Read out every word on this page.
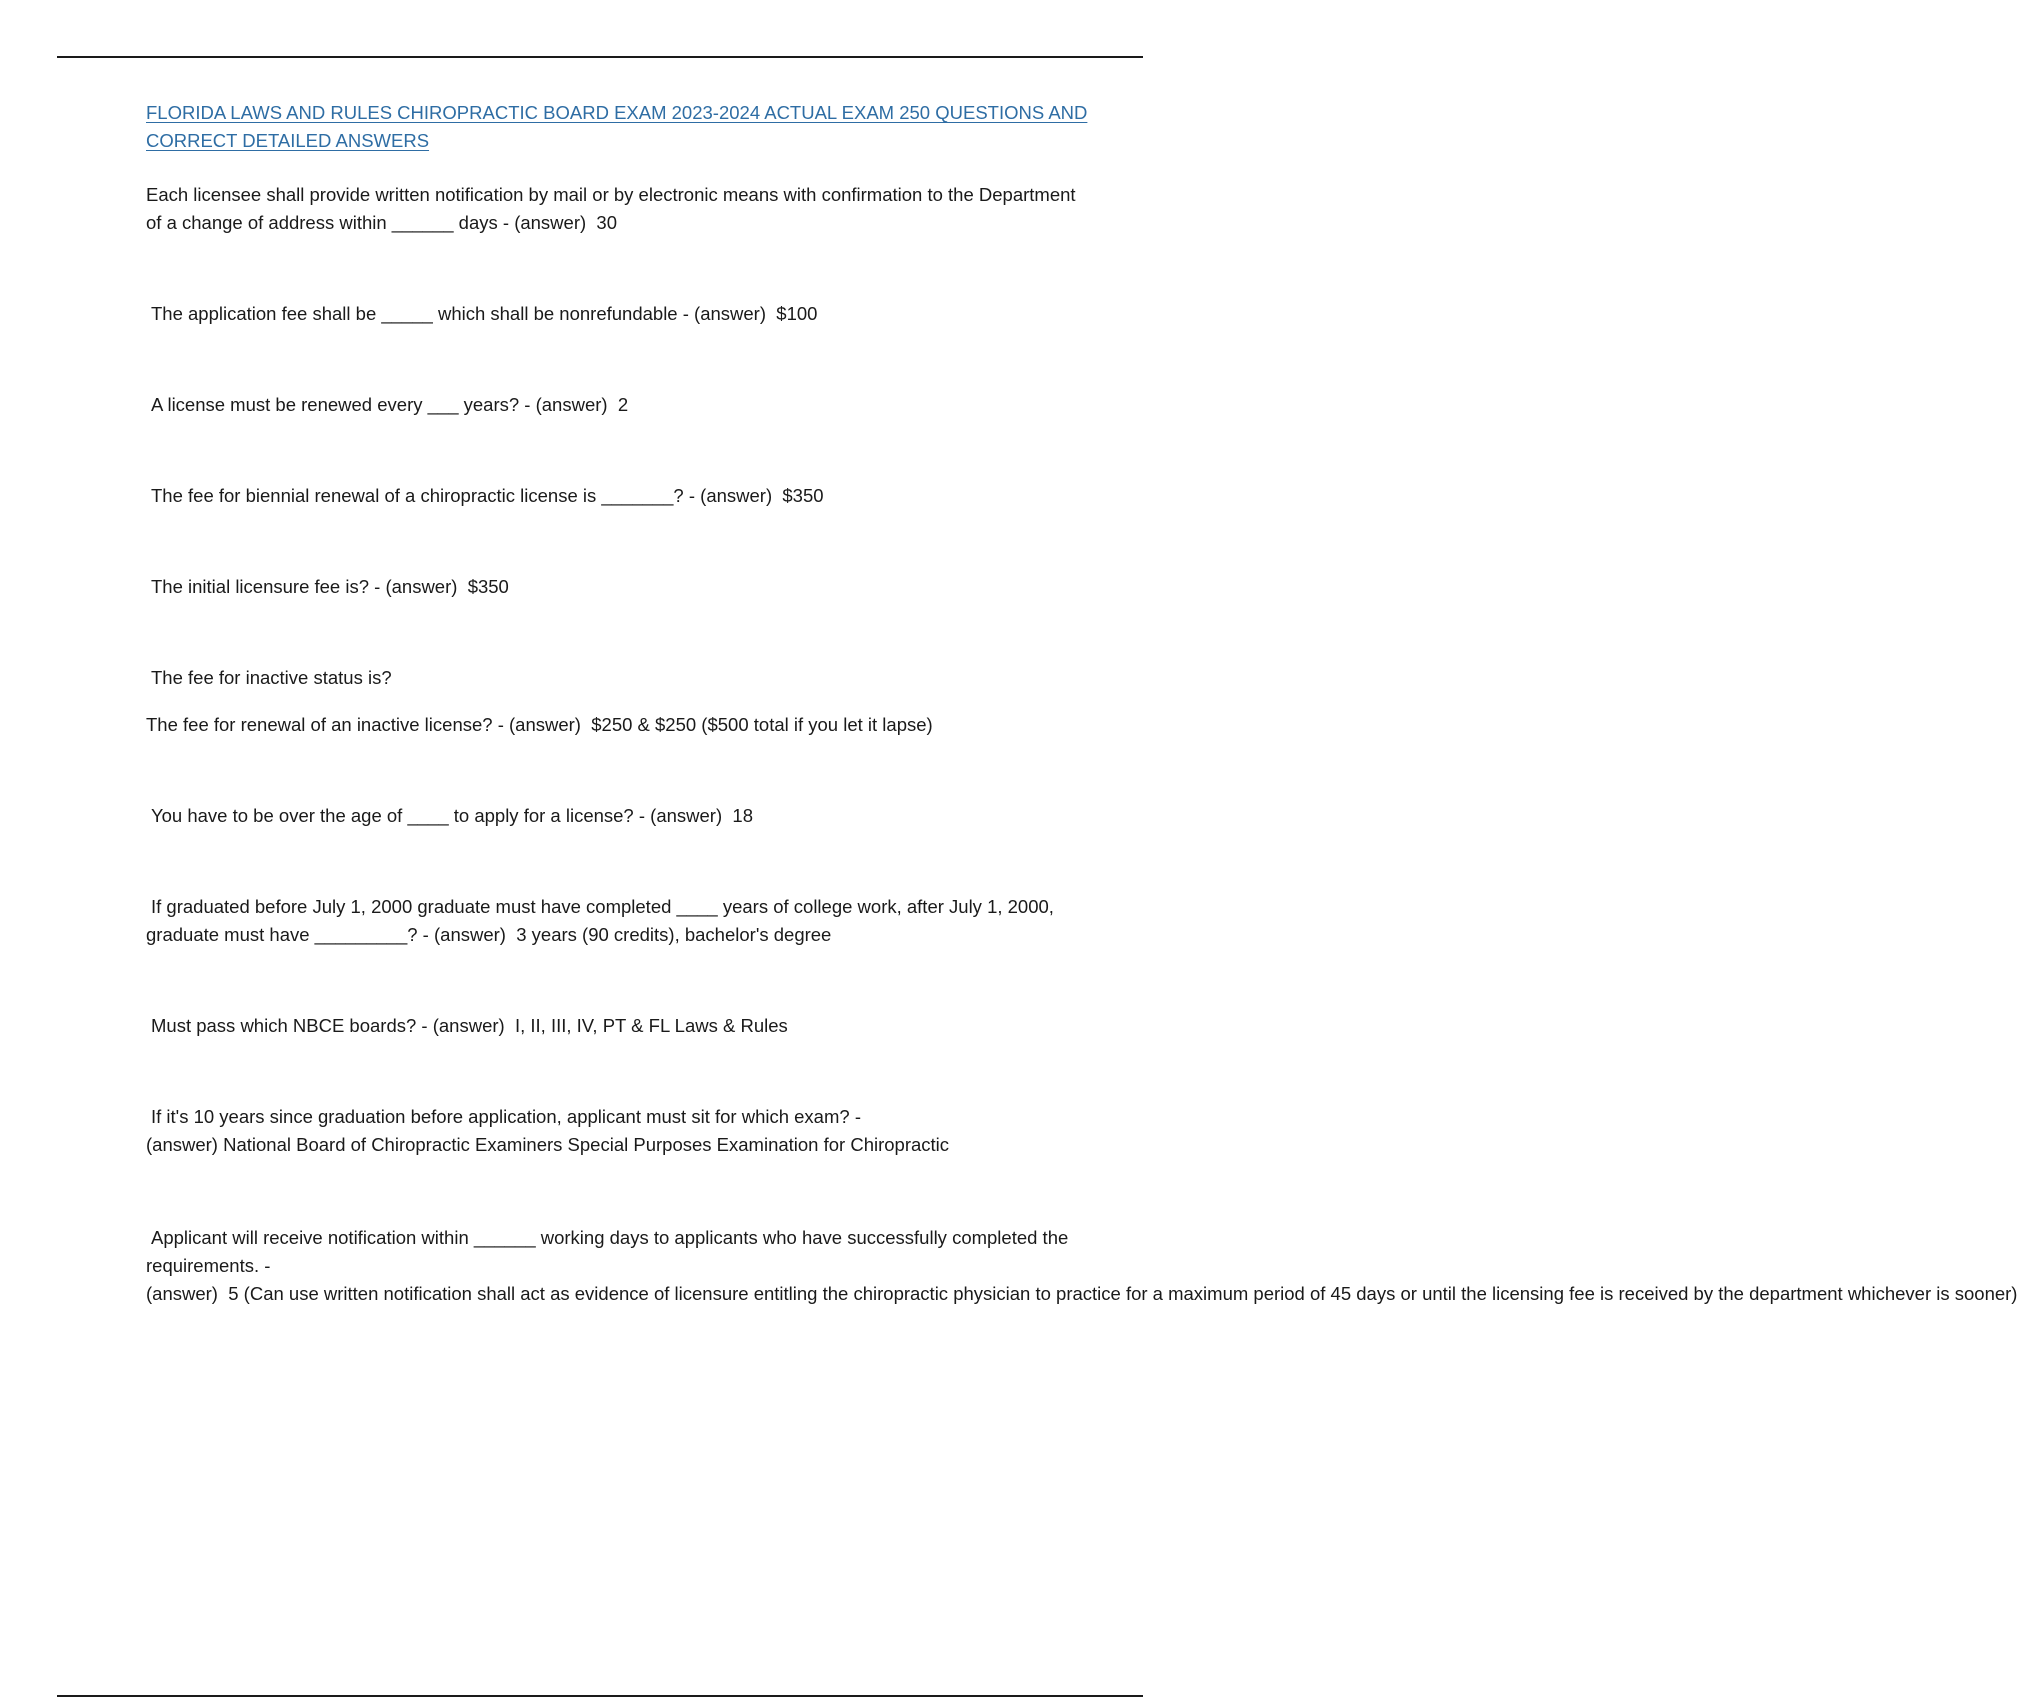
FLORIDA LAWS AND RULES CHIROPRACTIC BOARD EXAM 2023-2024 ACTUAL EXAM 250 QUESTIONS AND CORRECT DETAILED ANSWERS

Each licensee shall provide written notification by mail or by electronic means with confirmation to the Department of a change of address within ______ days - (answer)  30

The application fee shall be _____ which shall be nonrefundable - (answer)  $100

A license must be renewed every ___ years? - (answer)  2

The fee for biennial renewal of a chiropractic license is _______? - (answer)  $350

The initial licensure fee is? - (answer)  $350

The fee for inactive status is?

The fee for renewal of an inactive license? - (answer)  $250 & $250 ($500 total if you let it lapse)

You have to be over the age of ____ to apply for a license? - (answer)  18

If graduated before July 1, 2000 graduate must have completed ____ years of college work, after July 1, 2000, graduate must have _________? - (answer)  3 years (90 credits), bachelor's degree

Must pass which NBCE boards? - (answer)  I, II, III, IV, PT & FL Laws & Rules

If it's 10 years since graduation before application, applicant must sit for which exam? - (answer) National Board of Chiropractic Examiners Special Purposes Examination for Chiropractic

Applicant will receive notification within ______ working days to applicants who have successfully completed the requirements. - (answer)  5 (Can use written notification shall act as evidence of licensure entitling the chiropractic physician to practice for a maximum period of 45 days or until the licensing fee is received by the department whichever is sooner)
